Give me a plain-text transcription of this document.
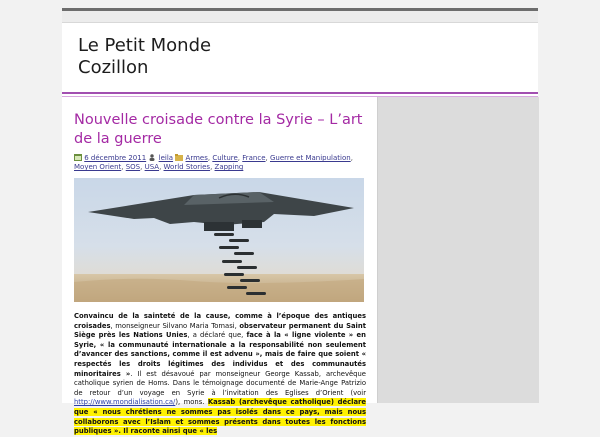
Le Petit Monde
Cozillon
Nouvelle croisade contre la Syrie – L’art de la guerre
6 décembre 2011 leila Armes, Culture, France, Guerre et Manipulation, Moyen Orient, SOS, USA, World Stories, Zapping
Convaincu de la sainteté de la cause, comme à l’époque des antiques croisades, monseigneur Silvano Maria Tomasi, observateur permanent du Saint Siège près les Nations Unies, a déclaré que, face à la « ligne violente » en Syrie, « la communauté internationale a la responsabilité non seulement d’avancer des sanctions, comme il est advenu », mais de faire que soient « respectés les droits légitimes des individus et des communautés minoritaires ». Il est désavoué par monseigneur George Kassab, archevêque catholique syrien de Homs. Dans le témoignage documenté de Marie-Ange Patrizio de retour d’un voyage en Syrie à l’invitation des Eglises d’Orient (voir http://www.mondialisation.ca/), mons. Kassab (archevêque catholique) déclare que « nous chrétiens ne sommes pas isolés dans ce pays, mais nous collaborons avec l’Islam et sommes présents dans toutes les fonctions publiques ». Il raconte ainsi que « les
